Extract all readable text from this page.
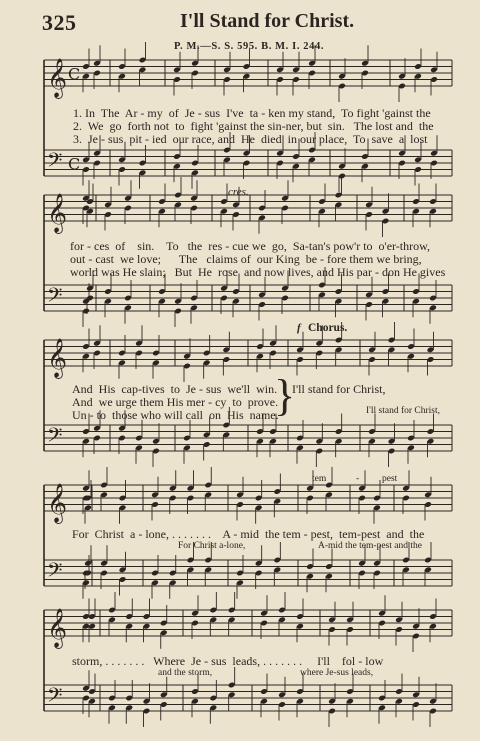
325	I'll Stand for Christ.
P. M.—S. S. 595. B. M. I. 244.
𝄞
𝄢
C
C
𝄞
𝄢
𝄞
𝄢
𝄞
𝄢
𝄞
𝄢
1. In  The  Ar - my  of  Je - sus  I've  ta - ken my stand,  To fight 'gainst the
2.  We  go  forth not  to  fight 'gainst the sin-ner, but  sin.   The lost and  the
3.  Je - sus  pit - ied  our race, and  He  died  in our place,  To  save  a  lost
cres.
for - ces  of    sin.    To   the  res - cue we  go,  Sa-tan's pow'r to  o'er-throw,
out - cast  we love;      The   claims of  our King  be - fore them we bring,
world was He slain;   But  He  rose  and now lives, and His par - don He gives
f Chorus.
And  His  cap-tives  to  Je - sus  we'll  win.
And  we urge them His mer - cy  to  prove.
Un - to  those who will call  on  His  name.
}
I'll stand for Christ,
I'll stand for Christ,
tem	- pest
For  Christ  a - lone, . . . . . . .    A - mid  the tem - pest,  tem-pest  and  the
For Christ a-lone,	A-mid the tem-pest and the
storm, . . . . . . .   Where  Je - sus  leads, . . . . . . .     I'll    fol - low
and the storm,	where Je-sus leads,
